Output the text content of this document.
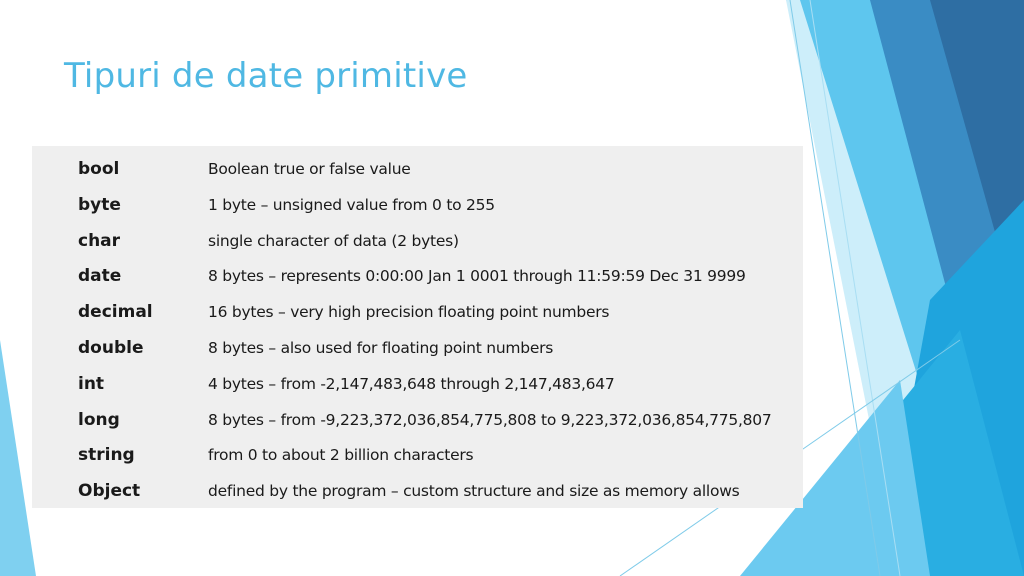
Tipuri de date primitive
bool	Boolean true or false value
byte	1 byte – unsigned value from 0 to 255
char	single character of data (2 bytes)
date	8 bytes – represents 0:00:00 Jan 1 0001 through 11:59:59 Dec 31 9999
decimal	16 bytes – very high precision floating point numbers
double	8 bytes – also used for floating point numbers
int	4 bytes – from -2,147,483,648 through 2,147,483,647
long	8 bytes – from -9,223,372,036,854,775,808 to 9,223,372,036,854,775,807
string	from 0 to about 2 billion characters
Object	defined by the program – custom structure and size as memory allows
